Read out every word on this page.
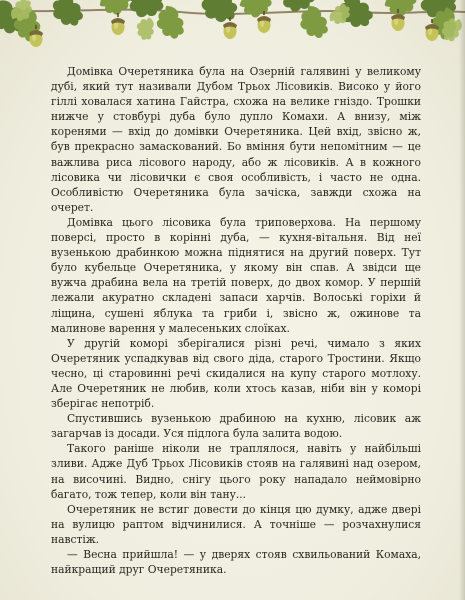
Домівка Очеретяника була на Озерній галявині у великому дубі, який тут називали Дубом Трьох Лісовиків. Високо у його гіллі ховалася хатина Гайстра, схожа на велике гніздо. Трошки нижче у стовбурі дуба було дупло Комахи. А внизу, між коренями — вхід до домівки Очеретяника. Цей вхід, звісно ж, був прекрасно замаскований. Бо вміння бути непомітним — це важлива риса лісового народу, або ж лісовиків. А в кожного лісовика чи лісовички є своя особливість, і часто не одна. Особливістю Очеретяника була зачіска, завжди схожа на очерет.

Домівка цього лісовика була триповерхова. На першому поверсі, просто в корінні дуба, — кухня-вітальня. Від неї вузенькою драбинкою можна піднятися на другий поверх. Тут було кубельце Очеретяника, у якому він спав. А звідси ще вужча драбина вела на третій поверх, до двох комор. У першій лежали акуратно складені запаси харчів. Волоські горіхи й ліщина, сушені яблука та гриби і, звісно ж, ожинове та малинове варення у малесеньких слоїках.

У другій коморі зберігалися різні речі, чимало з яких Очеретяник успадкував від свого діда, старого Тростини. Якщо чесно, ці старовинні речі скидалися на купу старого мотлоху. Але Очеретяник не любив, коли хтось казав, ніби він у коморі зберігає непотріб.

Спустившись вузенькою драбиною на кухню, лісовик аж загарчав із досади. Уся підлога була залита водою.

Такого раніше ніколи не траплялося, навіть у найбільші зливи. Адже Дуб Трьох Лісовиків стояв на галявині над озером, на височині. Видно, снігу цього року нападало неймовірно багато, тож тепер, коли він тану...

Очеретяник не встиг довести до кінця цю думку, адже двері на вулицю раптом відчинилися. А точніше — розчахнулися навстіж.

— Весна прийшла! — у дверях стояв схвильований Комаха, найкращий друг Очеретяника.
